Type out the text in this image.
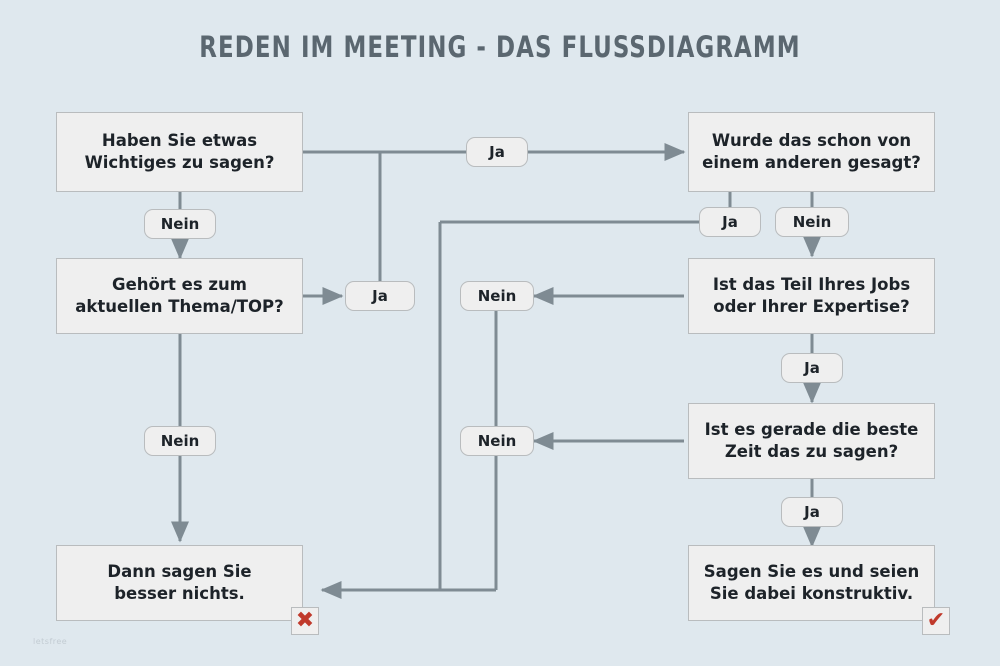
REDEN IM MEETING - DAS FLUSSDIAGRAMM
Haben Sie etwas
Wichtiges zu sagen?
Gehört es zum
aktuellen Thema/TOP?
Dann sagen Sie
besser nichts.
Wurde das schon von
einem anderen gesagt?
Ist das Teil Ihres Jobs
oder Ihrer Expertise?
Ist es gerade die beste
Zeit das zu sagen?
Sagen Sie es und seien
Sie dabei konstruktiv.
Ja
Nein
Ja
Nein
Ja	Nein
Nein
Ja
Nein
Ja
✖	✔
letsfree
